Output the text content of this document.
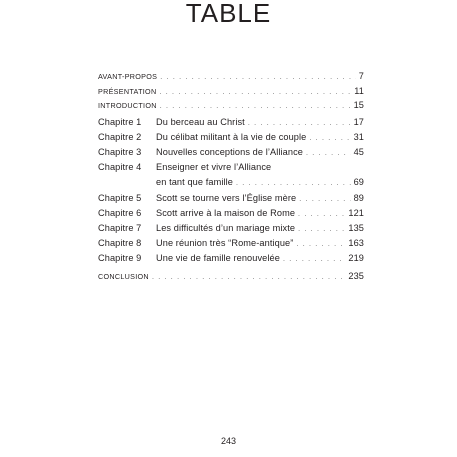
TABLE
AVANT-PROPOS . . .	7
PRÉSENTATION . . .	11
INTRODUCTION . . .	15
Chapitre 1	Du berceau au Christ . . .	17
Chapitre 2	Du célibat militant à la vie de couple . . .	31
Chapitre 3	Nouvelles conceptions de l’Alliance . . .	45
Chapitre 4	Enseigner et vivre l’Alliance
en tant que famille . . .	69
Chapitre 5	Scott se tourne vers l’Église mère . . .	89
Chapitre 6	Scott arrive à la maison de Rome . . .	121
Chapitre 7	Les difficultés d’un mariage mixte . . .	135
Chapitre 8	Une réunion très “Rome-antique” . . .	163
Chapitre 9	Une vie de famille renouvelée . . .	219
CONCLUSION . . .	235
243
